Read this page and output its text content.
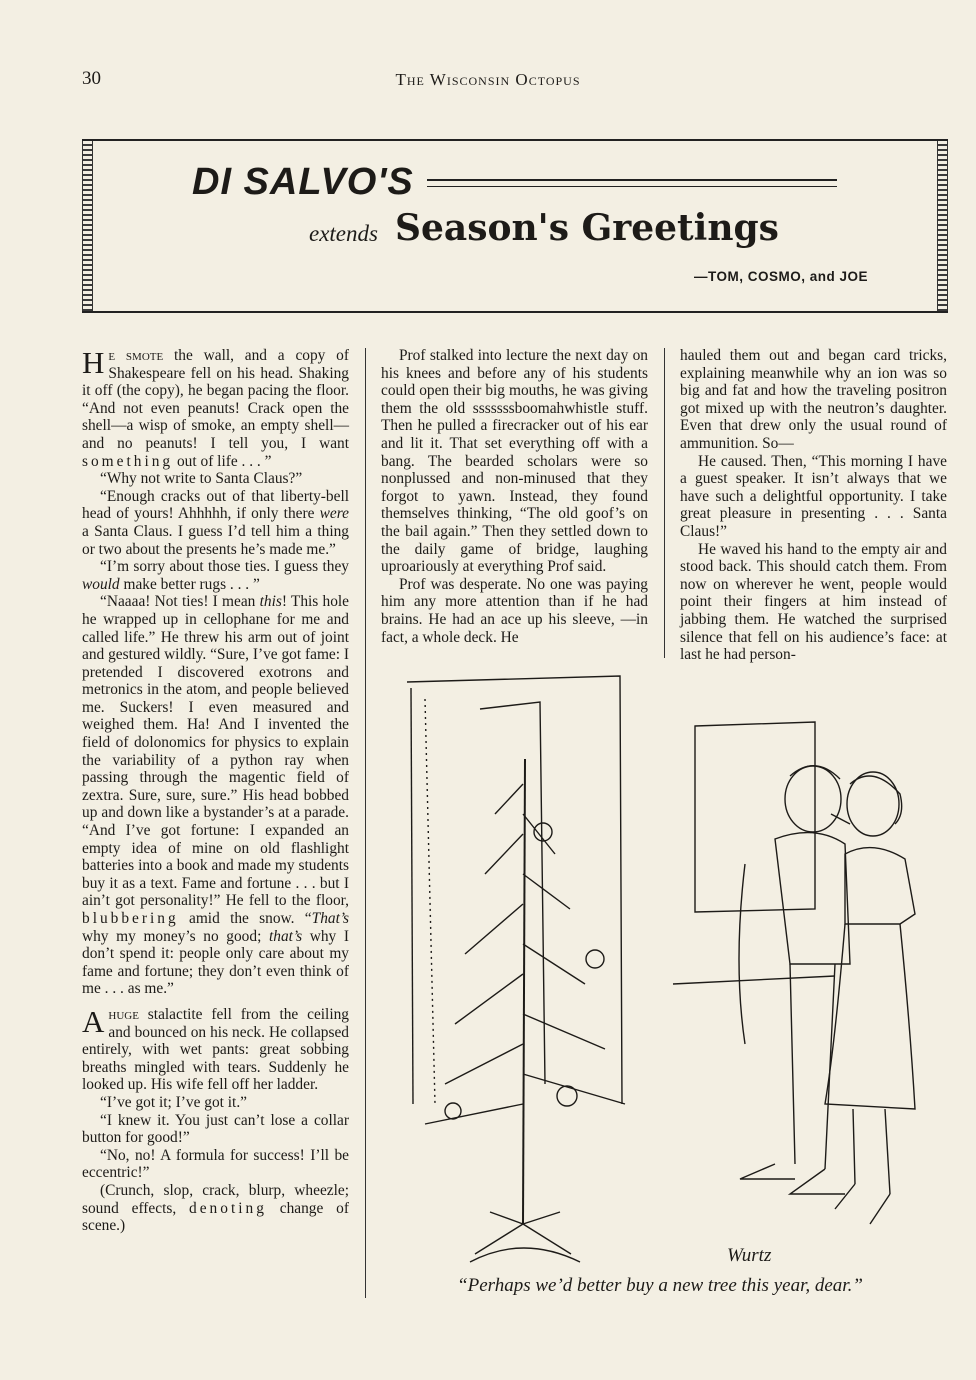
30	The Wisconsin Octopus
DI SALVO'S
extends Season's Greetings
—TOM, COSMO, and JOE

He smote the wall, and a copy of Shakespeare fell on his head. Shaking it off (the copy), he began pacing the floor. “And not even peanuts! Crack open the shell—a wisp of smoke, an empty shell—and no peanuts! I tell you, I want something out of life . . . ”

“Why not write to Santa Claus?”

“Enough cracks out of that liberty-bell head of yours! Ahhhhh, if only there were a Santa Claus. I guess I’d tell him a thing or two about the presents he’s made me.”

“I’m sorry about those ties. I guess they would make better rugs . . . ”

“Naaaa! Not ties! I mean this! This hole he wrapped up in cellophane for me and called life.” He threw his arm out of joint and gestured wildly. “Sure, I’ve got fame: I pretended I discovered exotrons and metronics in the atom, and people believed me. Suckers! I even measured and weighed them. Ha! And I invented the field of dolonomics for physics to explain the variability of a python ray when passing through the magentic field of zextra. Sure, sure, sure.” His head bobbed up and down like a bystander’s at a parade. “And I’ve got fortune: I expanded an empty idea of mine on old flashlight batteries into a book and made my students buy it as a text. Fame and fortune . . . but I ain’t got personality!” He fell to the floor, blubbering amid the snow. “That’s why my money’s no good; that’s why I don’t spend it: people only care about my fame and fortune; they don’t even think of me . . . as me.”

Ahuge stalactite fell from the ceiling and bounced on his neck. He collapsed entirely, with wet pants: great sobbing breaths mingled with tears. Suddenly he looked up. His wife fell off her ladder.

“I’ve got it; I’ve got it.”

“I knew it. You just can’t lose a collar button for good!”

“No, no! A formula for success! I’ll be eccentric!”

(Crunch, slop, crack, blurp, wheezle; sound effects, denoting change of scene.)

Prof stalked into lecture the next day on his knees and before any of his students could open their big mouths, he was giving them the old sssssssboomahwhistle stuff. Then he pulled a firecracker out of his ear and lit it. That set everything off with a bang. The bearded scholars were so nonplussed and non-minused that they forgot to yawn. Instead, they found themselves thinking, “The old goof’s on the bail again.” Then they settled down to the daily game of bridge, laughing uproariously at everything Prof said.

Prof was desperate. No one was paying him any more attention than if he had brains. He had an ace up his sleeve, —in fact, a whole deck. He

hauled them out and began card tricks, explaining meanwhile why an ion was so big and fat and how the traveling positron got mixed up with the neutron’s daughter. Even that drew only the usual round of ammunition. So—

He caused. Then, “This morning I have a guest speaker. It isn’t always that we have such a delightful opportunity. I take great pleasure in presenting . . . Santa Claus!”

He waved his hand to the empty air and stood back. This should catch them. From now on wherever he went, people would point their fingers at him instead of jabbing them. He watched the surprised silence that fell on his audience’s face: at last he had person-

Wurtz
“Perhaps we’d better buy a new tree this year, dear.”
